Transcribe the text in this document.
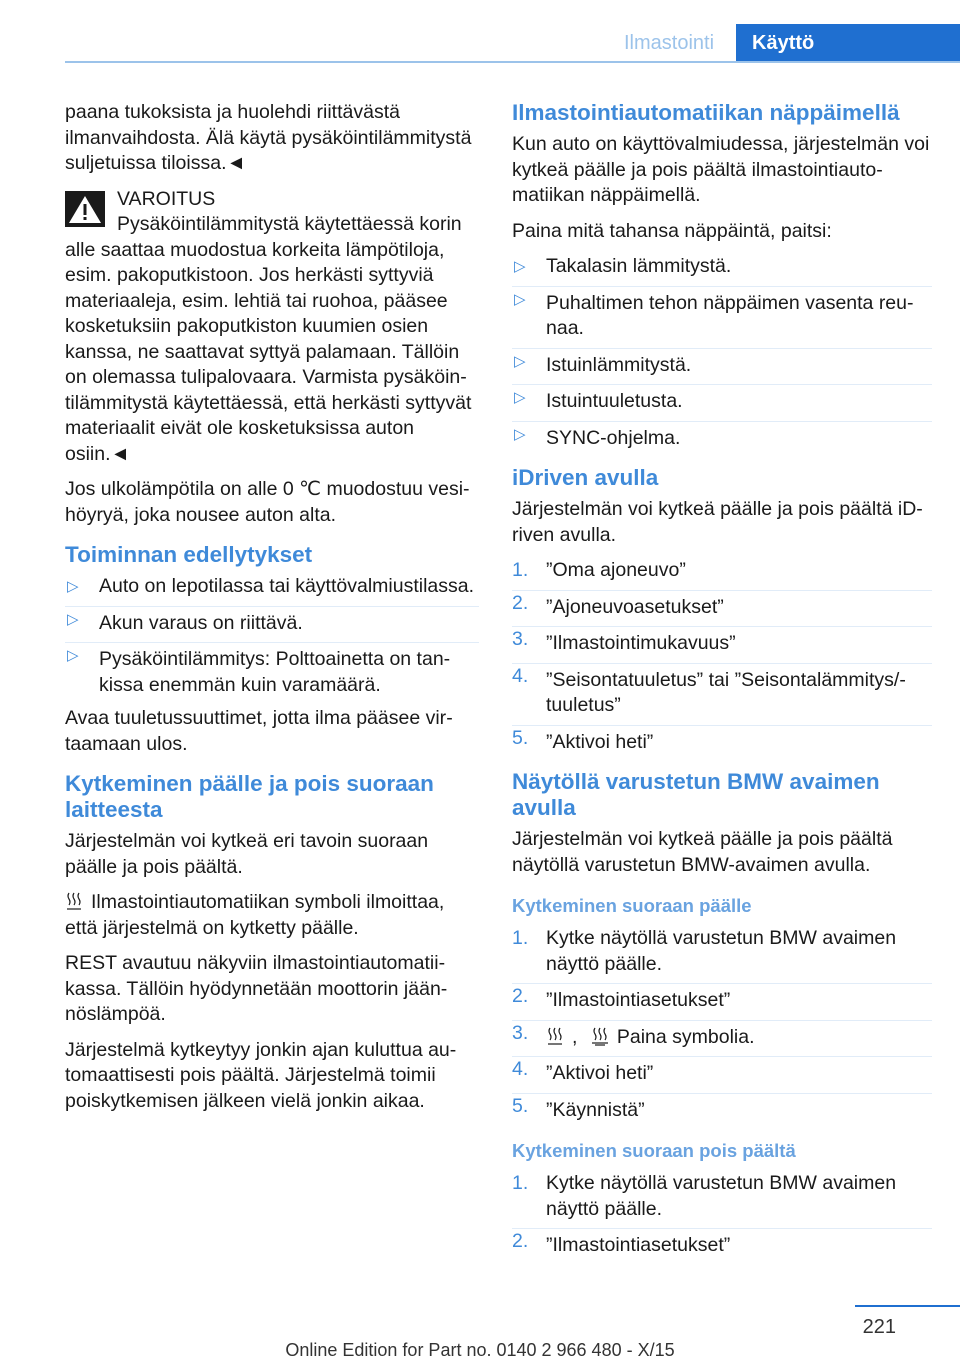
Ilmastointi	Käyttö

paana tukoksista ja huolehdi riittävästä ilmanvaihdosta. Älä käytä pysäköintilämmitystä suljetuissa tiloissa.◄

VAROITUS
Pysäköintilämmitystä käytettäessä korin
alle saattaa muodostua korkeita lämpötiloja, esim. pakoputkistoon. Jos herkästi syttyviä materiaaleja, esim. lehtiä tai ruohoa, pääsee kosketuksiin pakoputkiston kuumien osien kanssa, ne saattavat syttyä palamaan. Tällöin on olemassa tulipalovaara. Varmista pysäköintilämmitystä käytettäessä, että herkästi syttyvät materiaalit eivät ole kosketuksissa auton osiin.◄

Jos ulkolämpötila on alle 0 ℃ muodostuu vesihöyryä, joka nousee auton alta.

Toiminnan edellytykset
▷ Auto on lepotilassa tai käyttövalmiustilassa.
▷ Akun varaus on riittävä.
▷ Pysäköintilämmitys: Polttoainetta on tankissa enemmän kuin varamäärä.

Avaa tuuletussuuttimet, jotta ilma pääsee virtaamaan ulos.

Kytkeminen päälle ja pois suoraan laitteesta

Järjestelmän voi kytkeä eri tavoin suoraan päälle ja pois päältä.

Ilmastointiautomatiikan symboli ilmoittaa, että järjestelmä on kytketty päälle.

REST avautuu näkyviin ilmastointiautomatiikassa. Tällöin hyödynnetään moottorin jäännöslämpöä.

Järjestelmä kytkeytyy jonkin ajan kuluttua automaattisesti pois päältä. Järjestelmä toimii poiskytkemisen jälkeen vielä jonkin aikaa.

Ilmastointiautomatiikan näppäimellä

Kun auto on käyttövalmiudessa, järjestelmän voi kytkeä päälle ja pois päältä ilmastointiautomatiikan näppäimellä.

Paina mitä tahansa näppäintä, paitsi:

▷ Takalasin lämmitystä.
▷ Puhaltimen tehon näppäimen vasenta reunaa.
▷ Istuinlämmitystä.
▷ Istuintuuletusta.
▷ SYNC-ohjelma.
iDriven avulla

Järjestelmän voi kytkeä päälle ja pois päältä iDriven avulla.

1. ”Oma ajoneuvo”
2. ”Ajoneuvoasetukset”
3. ”Ilmastointimukavuus”
4. ”Seisontatuuletus” tai ”Seisontalämmitys/tuuletus”
5. ”Aktivoi heti”
Näytöllä varustetun BMW avaimen avulla

Järjestelmän voi kytkeä päälle ja pois päältä näytöllä varustetun BMW-avaimen avulla.

Kytkeminen suoraan päälle
1. Kytke näytöllä varustetun BMW avaimen näyttö päälle.
2. ”Ilmastointiasetukset”
3. , Paina symbolia.
4. ”Aktivoi heti”
5. ”Käynnistä”
Kytkeminen suoraan pois päältä
1. Kytke näytöllä varustetun BMW avaimen näyttö päälle.
2. ”Ilmastointiasetukset”
221
Online Edition for Part no. 0140 2 966 480 - X/15
